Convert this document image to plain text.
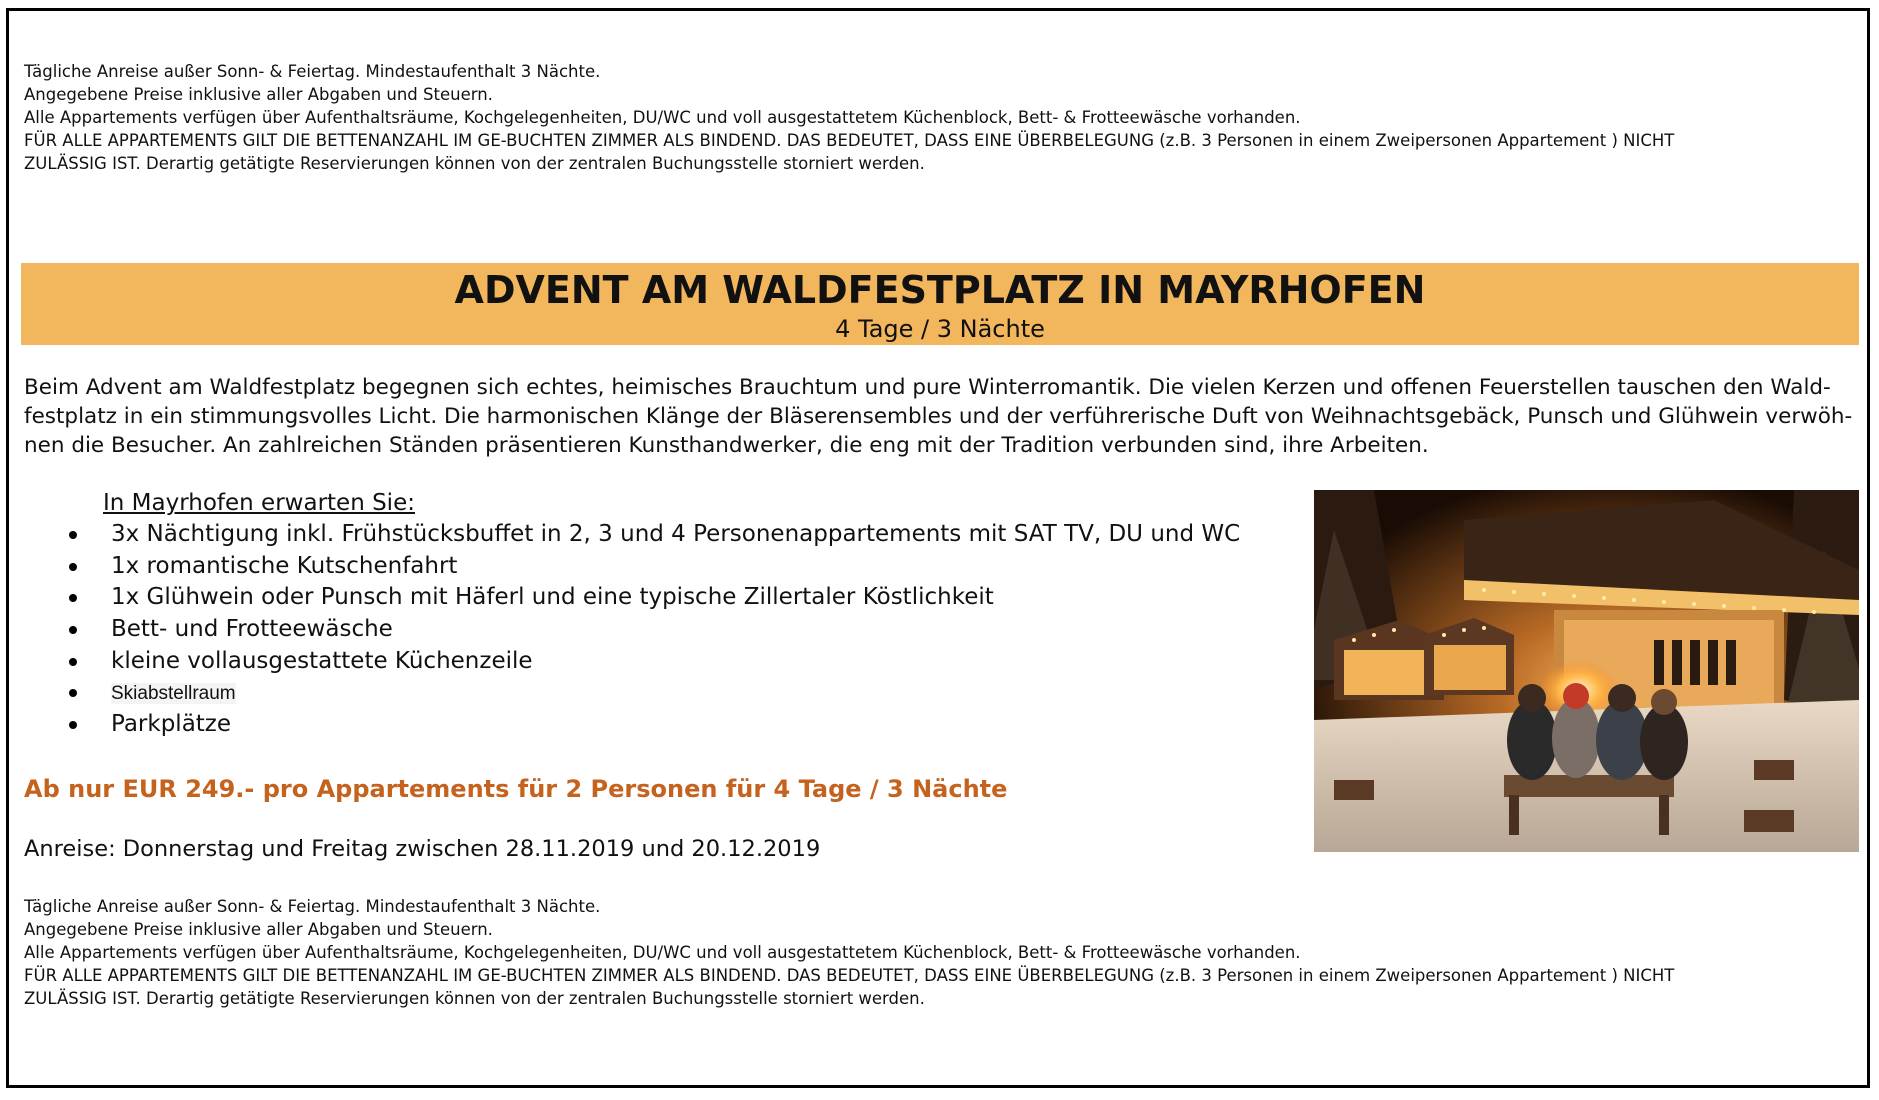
Tägliche Anreise außer Sonn- & Feiertag. Mindestaufenthalt 3 Nächte.
Angegebene Preise inklusive aller Abgaben und Steuern.
Alle Appartements verfügen über Aufenthaltsräume, Kochgelegenheiten, DU/WC und voll ausgestattetem Küchenblock, Bett- & Frotteewäsche vorhanden.
FÜR ALLE APPARTEMENTS GILT DIE BETTENANZAHL IM GE-BUCHTEN ZIMMER ALS BINDEND. DAS BEDEUTET, DASS EINE ÜBERBELEGUNG (z.B. 3 Personen in einem Zweipersonen Appartement ) NICHT
ZULÄSSIG IST. Derartig getätigte Reservierungen können von der zentralen Buchungsstelle storniert werden.
ADVENT AM WALDFESTPLATZ IN MAYRHOFEN
4 Tage / 3 Nächte
Beim Advent am Waldfestplatz begegnen sich echtes, heimisches Brauchtum und pure Winterromantik. Die vielen Kerzen und offenen Feuerstellen tauschen den Wald-
festplatz in ein stimmungsvolles Licht. Die harmonischen Klänge der Bläserensembles und der verführerische Duft von Weihnachtsgebäck, Punsch und Glühwein verwöh-
nen die Besucher. An zahlreichen Ständen präsentieren Kunsthandwerker, die eng mit der Tradition verbunden sind, ihre Arbeiten.
In Mayrhofen erwarten Sie:
3x Nächtigung inkl. Frühstücksbuffet in 2, 3 und 4 Personenappartements mit SAT TV, DU und WC
1x romantische Kutschenfahrt
1x Glühwein oder Punsch mit Häferl und eine typische Zillertaler Köstlichkeit
Bett- und Frotteewäsche
kleine vollausgestattete Küchenzeile
Skiabstellraum
Parkplätze
Ab nur EUR 249.- pro Appartements für 2 Personen für 4 Tage / 3 Nächte
Anreise: Donnerstag und Freitag zwischen 28.11.2019 und 20.12.2019
Tägliche Anreise außer Sonn- & Feiertag. Mindestaufenthalt 3 Nächte.
Angegebene Preise inklusive aller Abgaben und Steuern.
Alle Appartements verfügen über Aufenthaltsräume, Kochgelegenheiten, DU/WC und voll ausgestattetem Küchenblock, Bett- & Frotteewäsche vorhanden.
FÜR ALLE APPARTEMENTS GILT DIE BETTENANZAHL IM GE-BUCHTEN ZIMMER ALS BINDEND. DAS BEDEUTET, DASS EINE ÜBERBELEGUNG (z.B. 3 Personen in einem Zweipersonen Appartement ) NICHT
ZULÄSSIG IST. Derartig getätigte Reservierungen können von der zentralen Buchungsstelle storniert werden.
